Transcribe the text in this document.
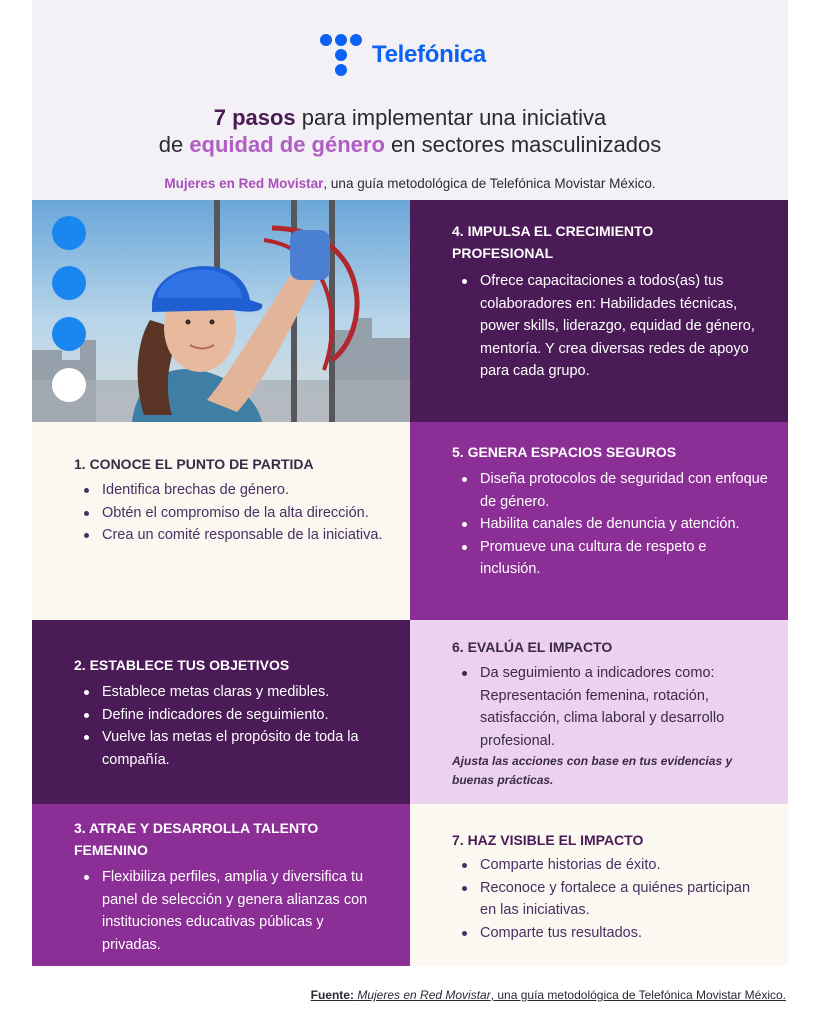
Telefónica
7 pasos para implementar una iniciativa
de equidad de género en sectores masculinizados
Mujeres en Red Movistar, una guía metodológica de Telefónica Movistar México.
4. IMPULSA EL CRECIMIENTO PROFESIONAL
Ofrece capacitaciones a todos(as) tus colaboradores en: Habilidades técnicas, power skills, liderazgo, equidad de género, mentoría. Y crea diversas redes de apoyo para cada grupo.
1. CONOCE EL PUNTO DE PARTIDA
Identifica brechas de género.
Obtén el compromiso de la alta dirección.
Crea un comité responsable de la iniciativa.
5. GENERA ESPACIOS SEGUROS
Diseña protocolos de seguridad con enfoque de género.
Habilita canales de denuncia y atención.
Promueve una cultura de respeto e inclusión.
2. ESTABLECE TUS OBJETIVOS
Establece metas claras y medibles.
Define indicadores de seguimiento.
Vuelve las metas el propósito de toda la compañía.
6. EVALÚA EL IMPACTO
Da seguimiento a indicadores como: Representación femenina, rotación, satisfacción, clima laboral y desarrollo profesional.
Ajusta las acciones con base en tus evidencias y buenas prácticas.
3. ATRAE Y DESARROLLA TALENTO FEMENINO
Flexibiliza perfiles, amplia y diversifica tu panel de selección y genera alianzas con instituciones educativas públicas y privadas.
7. HAZ VISIBLE EL IMPACTO
Comparte historias de éxito.
Reconoce y fortalece a quiénes participan en las iniciativas.
Comparte tus resultados.
Fuente: Mujeres en Red Movistar, una guía metodológica de Telefónica Movistar México.
